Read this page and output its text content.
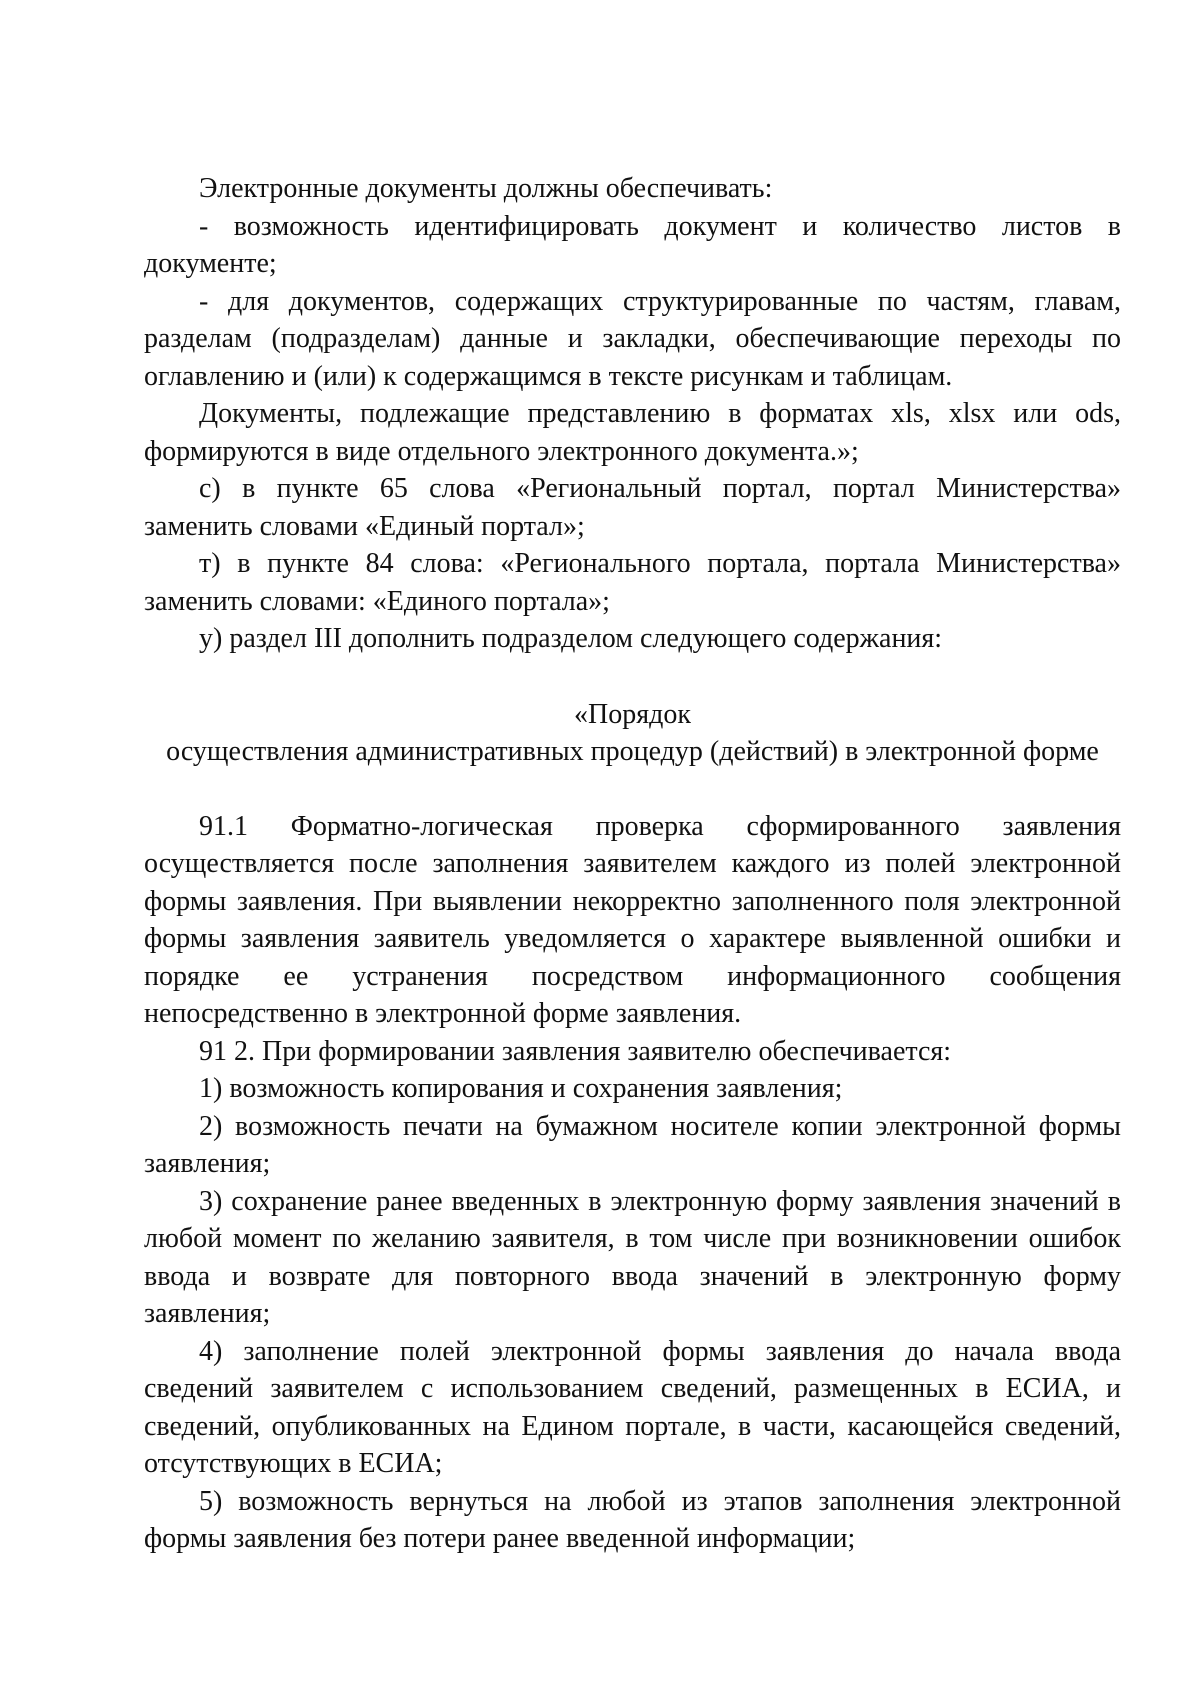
Электронные документы должны обеспечивать:

- возможность идентифицировать документ и количество листов в документе;

- для документов, содержащих структурированные по частям, главам, разделам (подразделам) данные и закладки, обеспечивающие переходы по оглавлению и (или) к содержащимся в тексте рисункам и таблицам.

Документы, подлежащие представлению в форматах xls, xlsx или ods, формируются в виде отдельного электронного документа.»;

с) в пункте 65 слова «Региональный портал, портал Министерства» заменить словами «Единый портал»;

т) в пункте 84 слова: «Регионального портала, портала Министерства» заменить словами: «Единого портала»;

у) раздел III дополнить подразделом следующего содержания:

«Порядок

осуществления административных процедур (действий) в электронной форме

91.1 Форматно-логическая проверка сформированного заявления осуществляется после заполнения заявителем каждого из полей электронной формы заявления. При выявлении некорректно заполненного поля электронной формы заявления заявитель уведомляется о характере выявленной ошибки и порядке ее устранения посредством информационного сообщения непосредственно в электронной форме заявления.

91 2. При формировании заявления заявителю обеспечивается:

1) возможность копирования и сохранения заявления;

2) возможность печати на бумажном носителе копии электронной формы заявления;

3) сохранение ранее введенных в электронную форму заявления значений в любой момент по желанию заявителя, в том числе при возникновении ошибок ввода и возврате для повторного ввода значений в электронную форму заявления;

4) заполнение полей электронной формы заявления до начала ввода сведений заявителем с использованием сведений, размещенных в ЕСИА, и сведений, опубликованных на Едином портале, в части, касающейся сведений, отсутствующих в ЕСИА;

5) возможность вернуться на любой из этапов заполнения электронной формы заявления без потери ранее введенной информации;
